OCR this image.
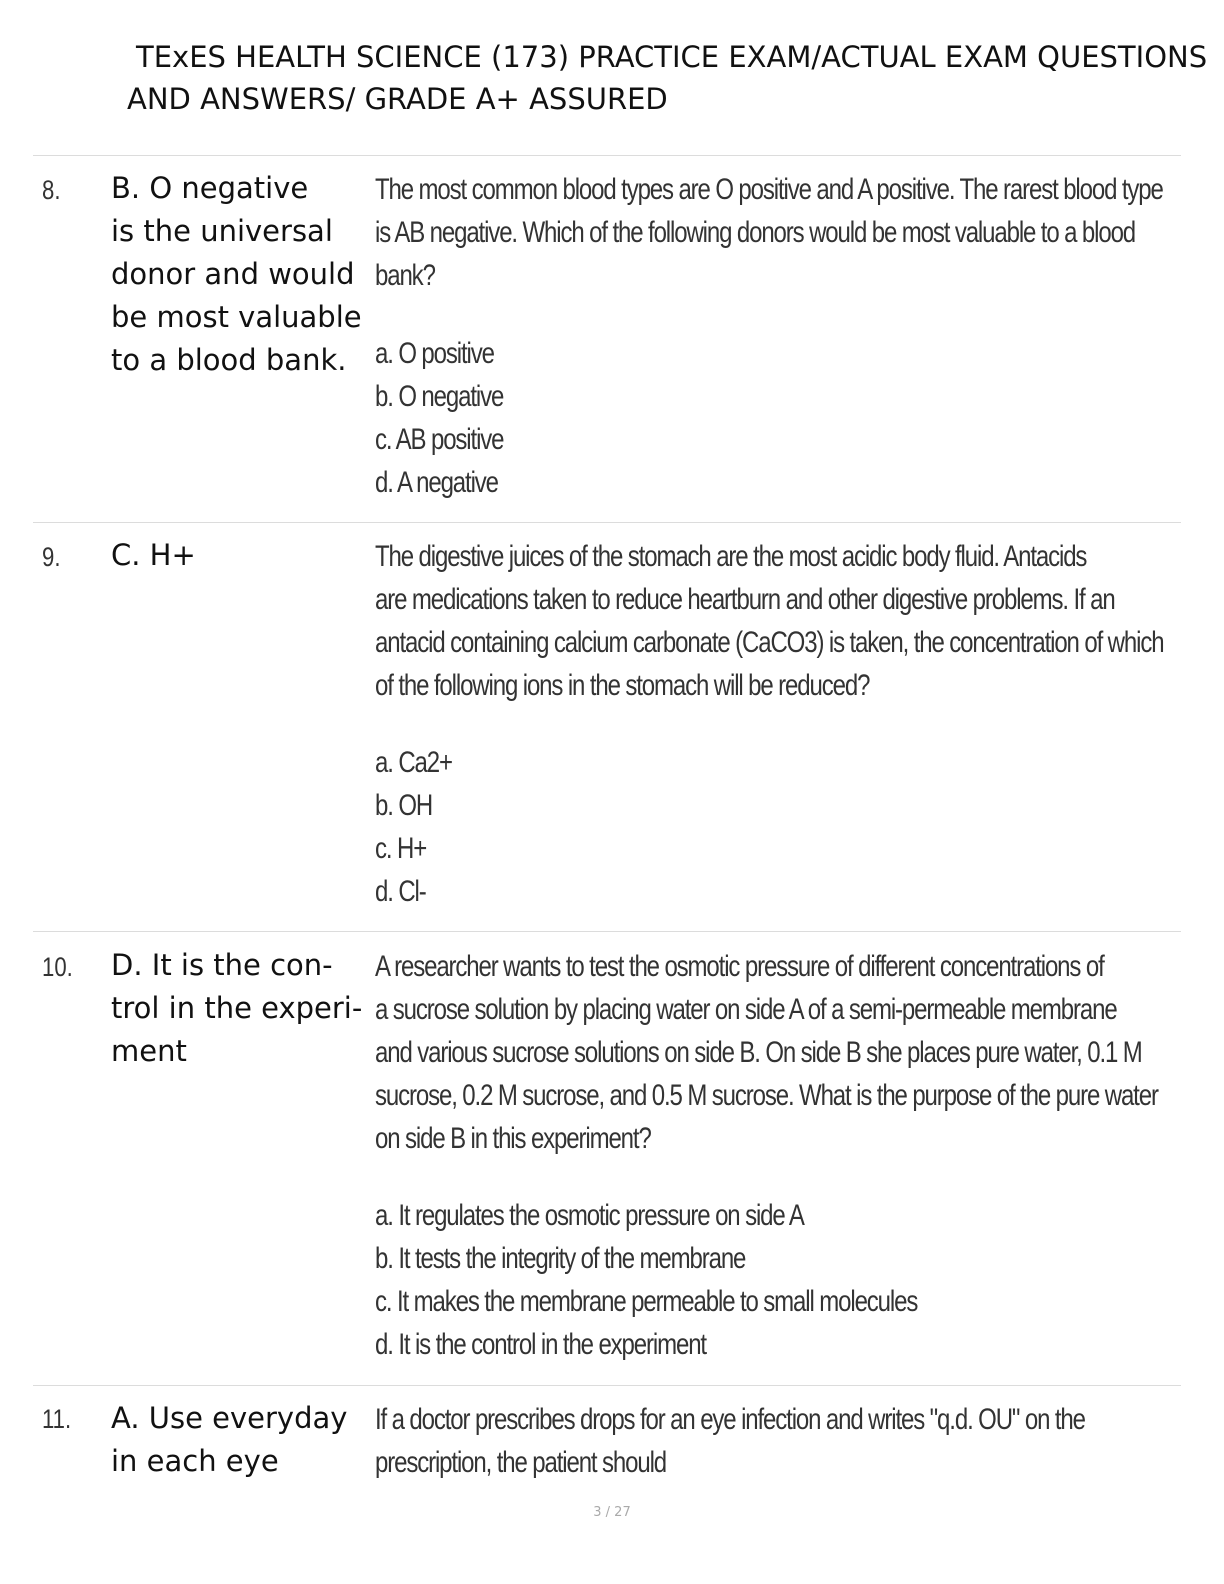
TExES HEALTH SCIENCE (173) PRACTICE EXAM/ACTUAL EXAM QUESTIONS
AND ANSWERS/ GRADE A+ ASSURED
8. B. O negative
is the universal
donor and would
be most valuable
to a blood bank.
The most common blood types are O positive and A positive. The rarest blood type
is AB negative. Which of the following donors would be most valuable to a blood
bank?
a. O positive
b. O negative
c. AB positive
d. A negative
9. C. H+	The digestive juices of the stomach are the most acidic body fluid. Antacids
are medications taken to reduce heartburn and other digestive problems. If an
antacid containing calcium carbonate (CaCO3) is taken, the concentration of which
of the following ions in the stomach will be reduced?
a. Ca2+
b. OH
c. H+
d. Cl-
10. D. It is the con-
trol in the experi-
ment
A researcher wants to test the osmotic pressure of different concentrations of
a sucrose solution by placing water on side A of a semi-permeable membrane
and various sucrose solutions on side B. On side B she places pure water, 0.1 M
sucrose, 0.2 M sucrose, and 0.5 M sucrose. What is the purpose of the pure water
on side B in this experiment?
a. It regulates the osmotic pressure on side A
b. It tests the integrity of the membrane
c. It makes the membrane permeable to small molecules
d. It is the control in the experiment
11. A. Use everyday
in each eye
If a doctor prescribes drops for an eye infection and writes "q.d. OU" on the
prescription, the patient should
3 / 27
